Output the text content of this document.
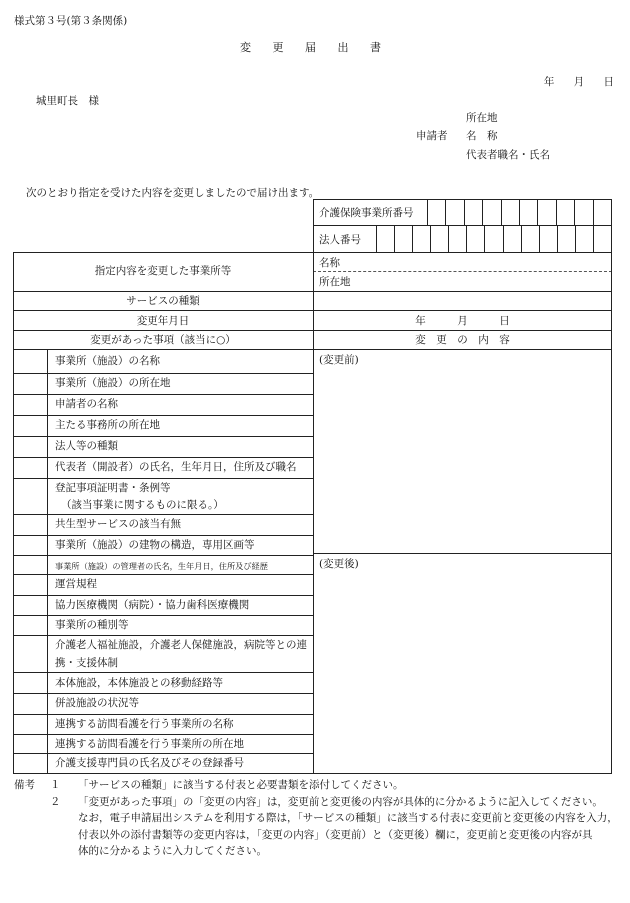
様式第３号(第３条関係)
変 更 届 出 書
年 月 日
城里町長　様
所在地
申請者 名　称
代表者職名・氏名
次のとおり指定を受けた内容を変更しましたので届け出ます。
介護保険事業所番号
法人番号
指定内容を変更した事業所等
名称
所在地
サービスの種類
変更年月日	年　　　月　　　日
変更があった事項（該当に○）	変　更　の　内　容
(変更前)
(変更後)
事業所（施設）の名称
事業所（施設）の所在地
申請者の名称
主たる事務所の所在地
法人等の種類
代表者（開設者）の氏名，生年月日，住所及び職名
登記事項証明書・条例等
（該当事業に関するものに限る。）
共生型サービスの該当有無
事業所（施設）の建物の構造，専用区画等
事業所（施設）の管理者の氏名，生年月日，住所及び経歴
運営規程
協力医療機関（病院）・協力歯科医療機関
事業所の種別等
介護老人福祉施設，介護老人保健施設，病院等との連
携・支援体制
本体施設，本体施設との移動経路等
併設施設の状況等
連携する訪問看護を行う事業所の名称
連携する訪問看護を行う事業所の所在地
介護支援専門員の氏名及びその登録番号
備考 １ 「サービスの種類」に該当する付表と必要書類を添付してください。
２ 「変更があった事項」の「変更の内容」は，変更前と変更後の内容が具体的に分かるように記入してください。
なお，電子申請届出システムを利用する際は，「サービスの種類」に該当する付表に変更前と変更後の内容を入力，
付表以外の添付書類等の変更内容は，「変更の内容」（変更前）と（変更後）欄に，変更前と変更後の内容が具
体的に分かるように入力してください。
